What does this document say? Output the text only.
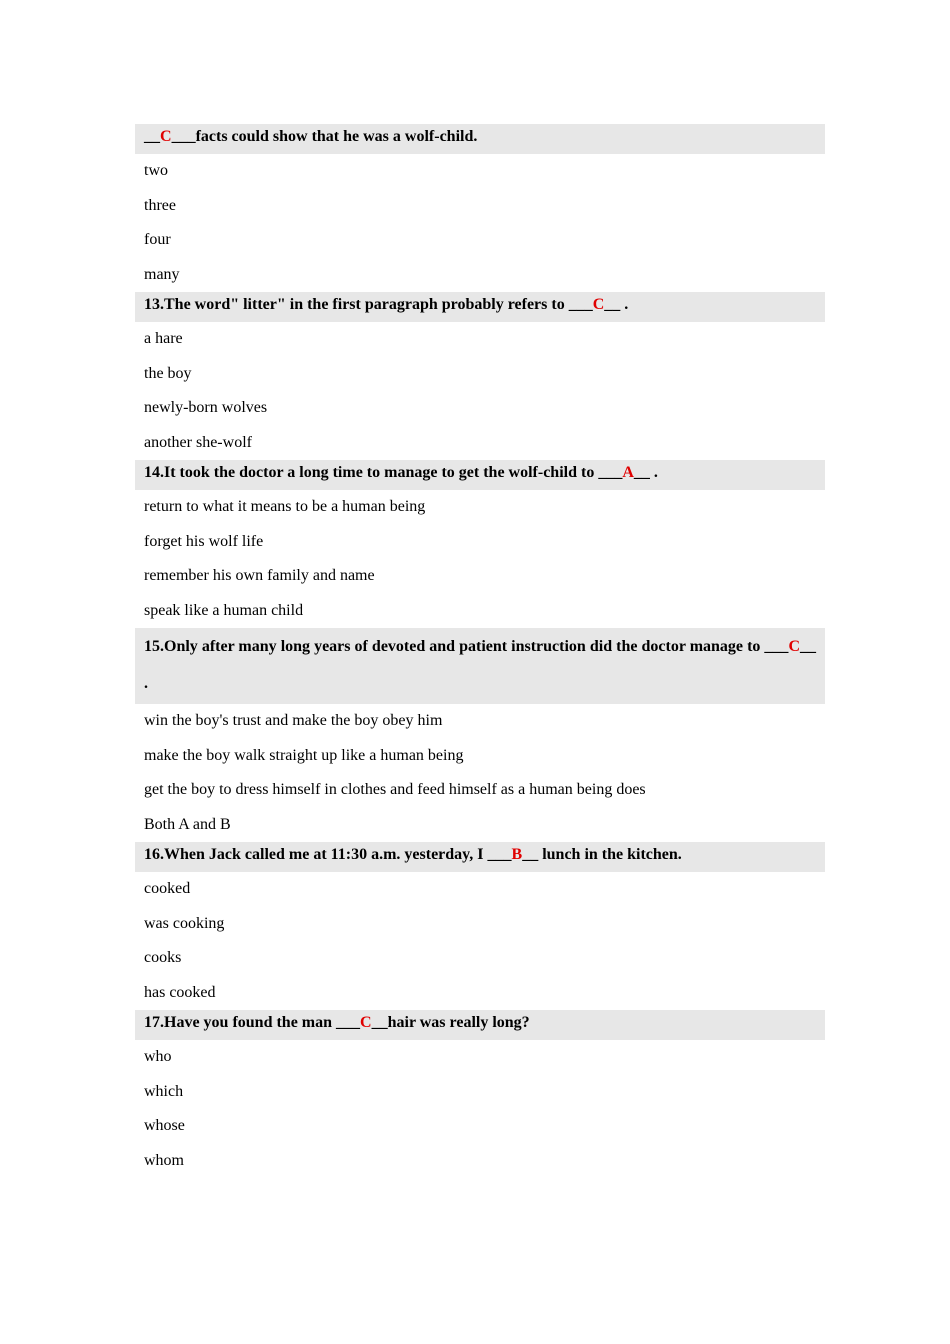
__C___facts could show that he was a wolf-child.
two
three
four
many
13.The word" litter" in the first paragraph probably refers to ___C__ .
a hare
the boy
newly-born wolves
another she-wolf
14.It took the doctor a long time to manage to get the wolf-child to ___A__ .
return to what it means to be a human being
forget his wolf life
remember his own family and name
speak like a human child
15.Only after many long years of devoted and patient instruction did the doctor manage to ___C__ .
win the boy's trust and make the boy obey him
make the boy walk straight up like a human being
get the boy to dress himself in clothes and feed himself as a human being does
Both A and B
16.When Jack called me at 11:30 a.m. yesterday, I ___B__ lunch in the kitchen.
cooked
was cooking
cooks
has cooked
17.Have you found the man ___C__hair was really long?
who
which
whose
whom
